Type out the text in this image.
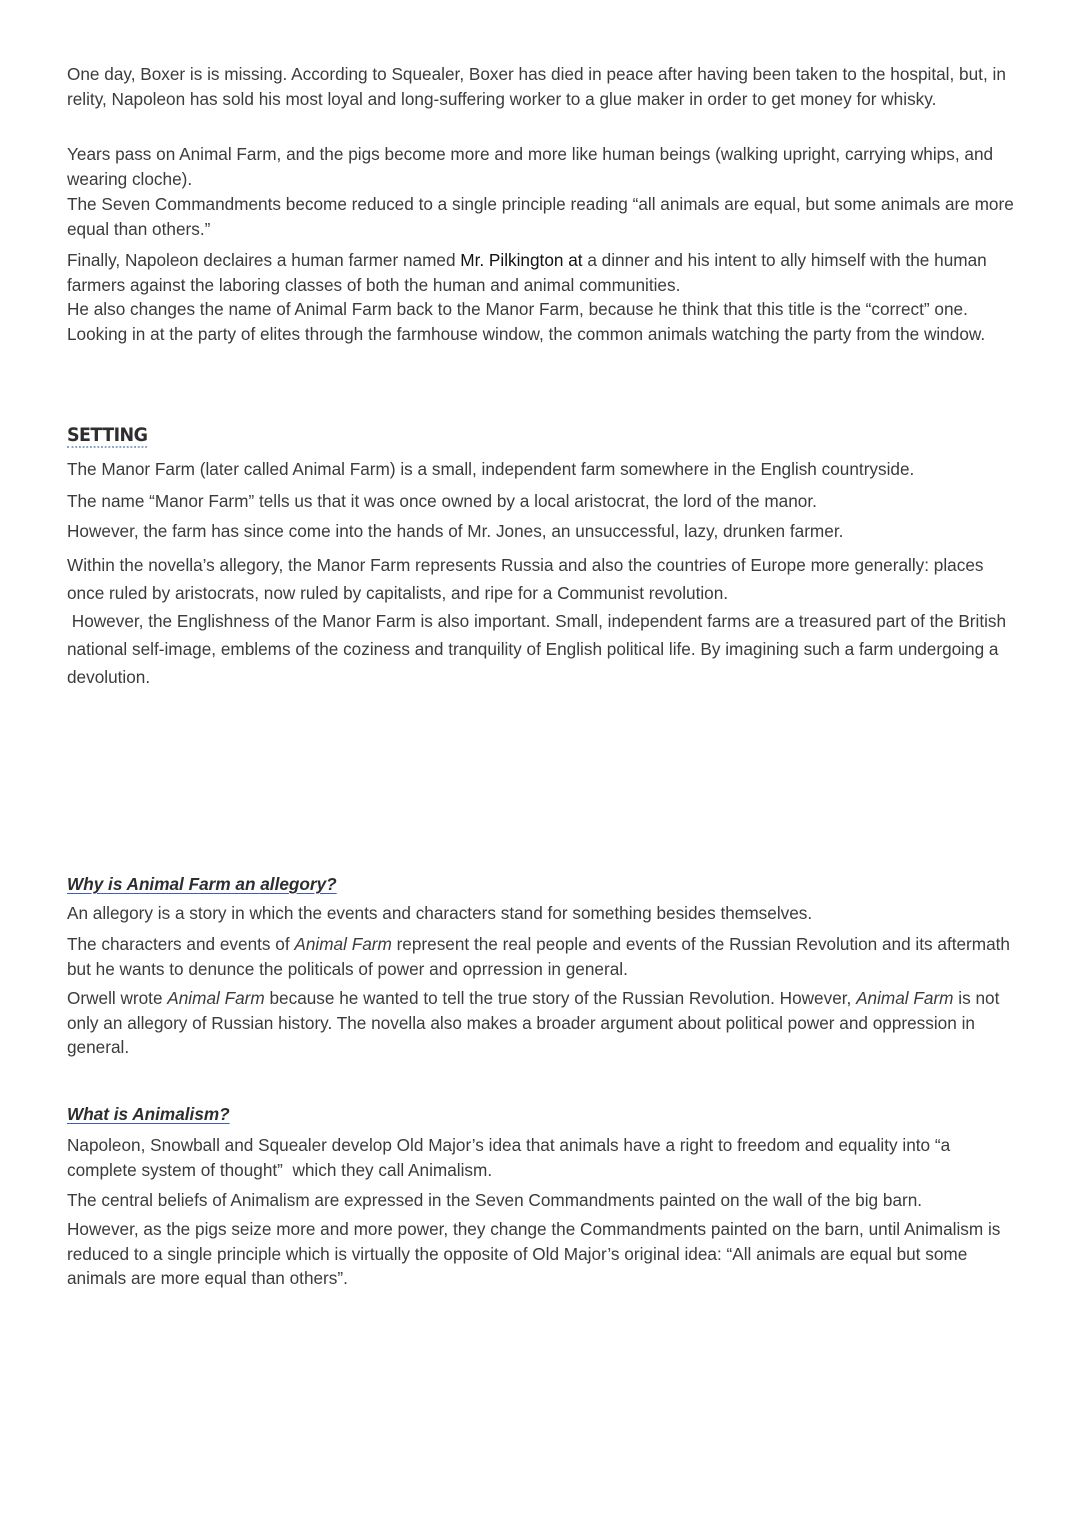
One day, Boxer is is missing. According to Squealer, Boxer has died in peace after having been taken to the hospital, but, in relity, Napoleon has sold his most loyal and long-suffering worker to a glue maker in order to get money for whisky.

Years pass on Animal Farm, and the pigs become more and more like human beings (walking upright, carrying whips, and wearing cloche).

The Seven Commandments become reduced to a single principle reading “all animals are equal, but some animals are more equal than others.”

Finally, Napoleon declaires a human farmer named Mr. Pilkington at a dinner and his intent to ally himself with the human farmers against the laboring classes of both the human and animal communities.

He also changes the name of Animal Farm back to the Manor Farm, because he think that this title is the “correct” one. Looking in at the party of elites through the farmhouse window, the common animals watching the party from the window.

SETTING

The Manor Farm (later called Animal Farm) is a small, independent farm somewhere in the English countryside.

The name “Manor Farm” tells us that it was once owned by a local aristocrat, the lord of the manor.

However, the farm has since come into the hands of Mr. Jones, an unsuccessful, lazy, drunken farmer.

Within the novella’s allegory, the Manor Farm represents Russia and also the countries of Europe more generally: places once ruled by aristocrats, now ruled by capitalists, and ripe for a Communist revolution.

However, the Englishness of the Manor Farm is also important. Small, independent farms are a treasured part of the British national self-image, emblems of the coziness and tranquility of English political life. By imagining such a farm undergoing a devolution.

Why is Animal Farm an allegory?

An allegory is a story in which the events and characters stand for something besides themselves.

The characters and events of Animal Farm represent the real people and events of the Russian Revolution and its aftermath but he wants to denunce the politicals of power and oprression in general.

Orwell wrote Animal Farm because he wanted to tell the true story of the Russian Revolution. However, Animal Farm is not only an allegory of Russian history. The novella also makes a broader argument about political power and oppression in general.

What is Animalism?

Napoleon, Snowball and Squealer develop Old Major’s idea that animals have a right to freedom and equality into “a complete system of thought”  which they call Animalism.

The central beliefs of Animalism are expressed in the Seven Commandments painted on the wall of the big barn.

However, as the pigs seize more and more power, they change the Commandments painted on the barn, until Animalism is reduced to a single principle which is virtually the opposite of Old Major’s original idea: “All animals are equal but some animals are more equal than others”.
